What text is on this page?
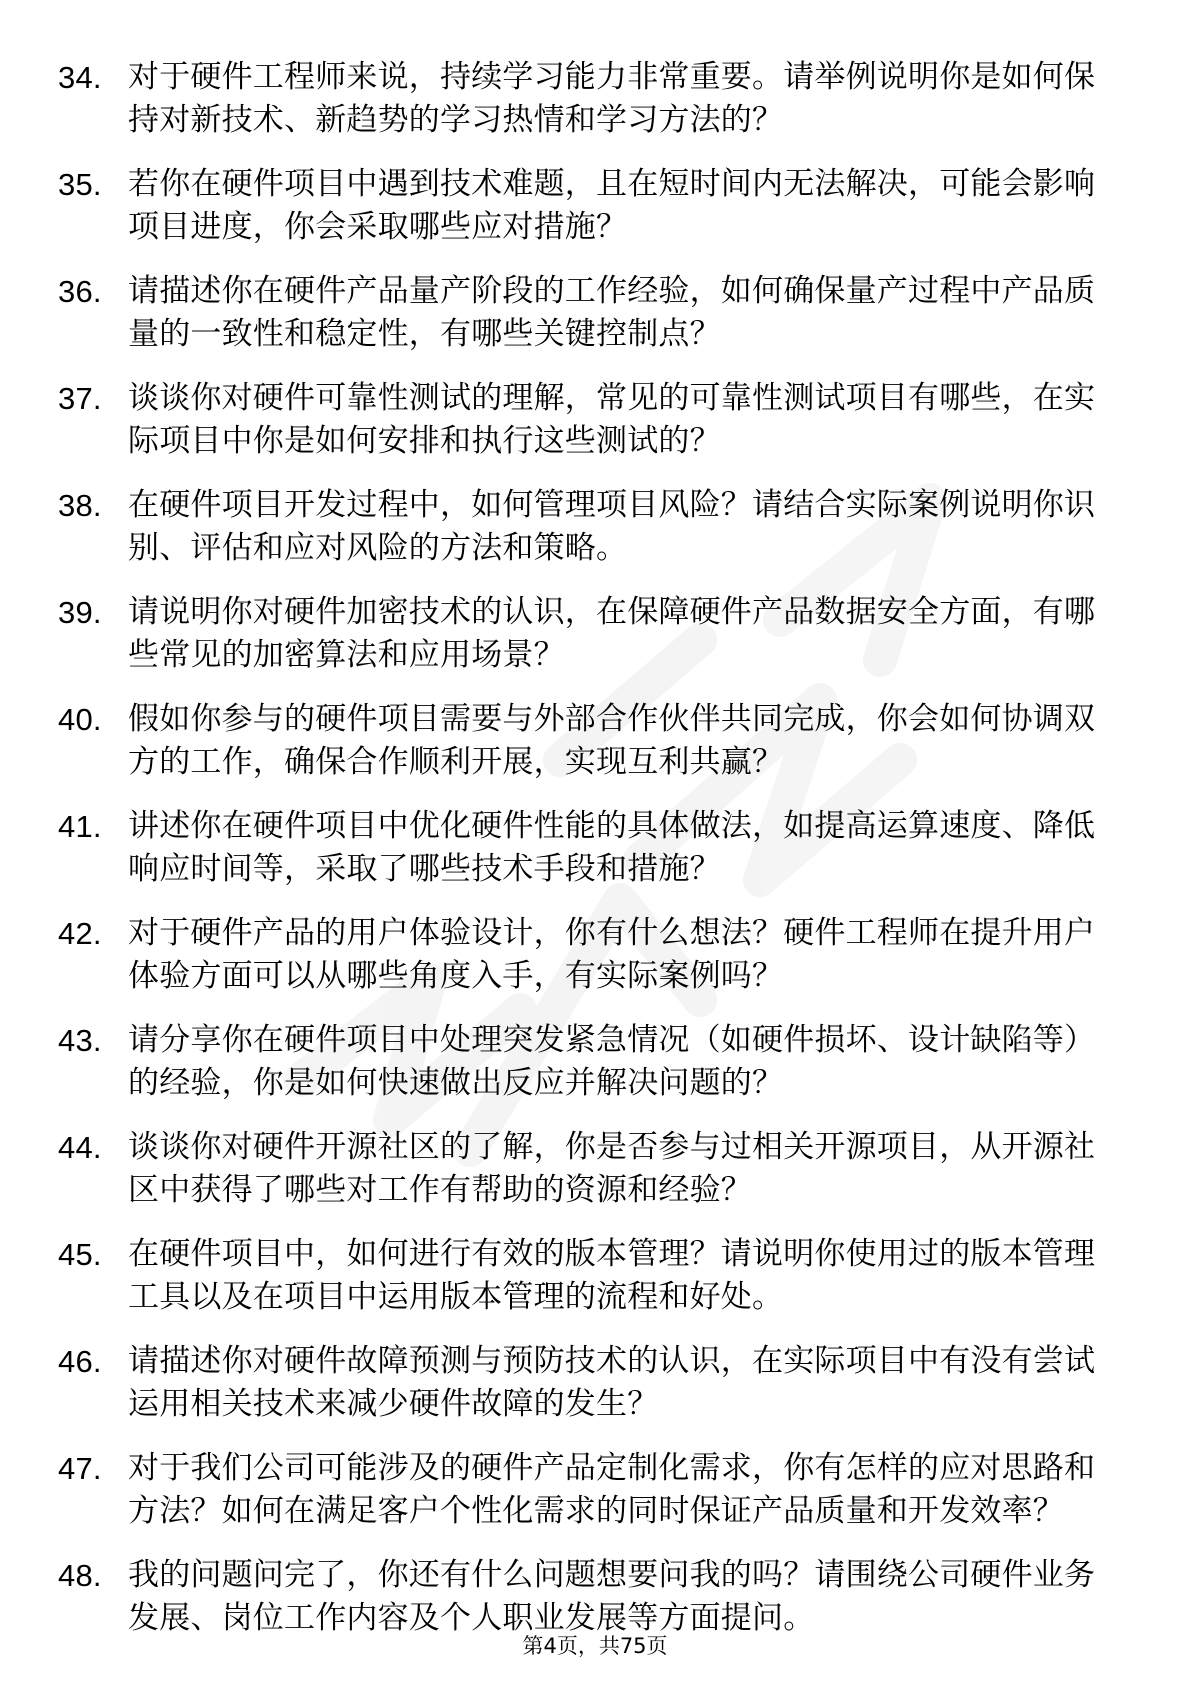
34. 对于硬件工程师来说，持续学习能力非常重要。请举例说明你是如何保持对新技术、新趋势的学习热情和学习方法的？
35. 若你在硬件项目中遇到技术难题，且在短时间内无法解决，可能会影响项目进度，你会采取哪些应对措施？
36. 请描述你在硬件产品量产阶段的工作经验，如何确保量产过程中产品质量的一致性和稳定性，有哪些关键控制点？
37. 谈谈你对硬件可靠性测试的理解，常见的可靠性测试项目有哪些，在实际项目中你是如何安排和执行这些测试的？
38. 在硬件项目开发过程中，如何管理项目风险？请结合实际案例说明你识别、评估和应对风险的方法和策略。
39. 请说明你对硬件加密技术的认识，在保障硬件产品数据安全方面，有哪些常见的加密算法和应用场景？
40. 假如你参与的硬件项目需要与外部合作伙伴共同完成，你会如何协调双方的工作，确保合作顺利开展，实现互利共赢？
41. 讲述你在硬件项目中优化硬件性能的具体做法，如提高运算速度、降低响应时间等，采取了哪些技术手段和措施？
42. 对于硬件产品的用户体验设计，你有什么想法？硬件工程师在提升用户体验方面可以从哪些角度入手，有实际案例吗？
43. 请分享你在硬件项目中处理突发紧急情况（如硬件损坏、设计缺陷等）的经验，你是如何快速做出反应并解决问题的？
44. 谈谈你对硬件开源社区的了解，你是否参与过相关开源项目，从开源社区中获得了哪些对工作有帮助的资源和经验？
45. 在硬件项目中，如何进行有效的版本管理？请说明你使用过的版本管理工具以及在项目中运用版本管理的流程和好处。
46. 请描述你对硬件故障预测与预防技术的认识，在实际项目中有没有尝试运用相关技术来减少硬件故障的发生？
47. 对于我们公司可能涉及的硬件产品定制化需求，你有怎样的应对思路和方法？如何在满足客户个性化需求的同时保证产品质量和开发效率？
48. 我的问题问完了，你还有什么问题想要问我的吗？请围绕公司硬件业务发展、岗位工作内容及个人职业发展等方面提问。
第4页，共75页
